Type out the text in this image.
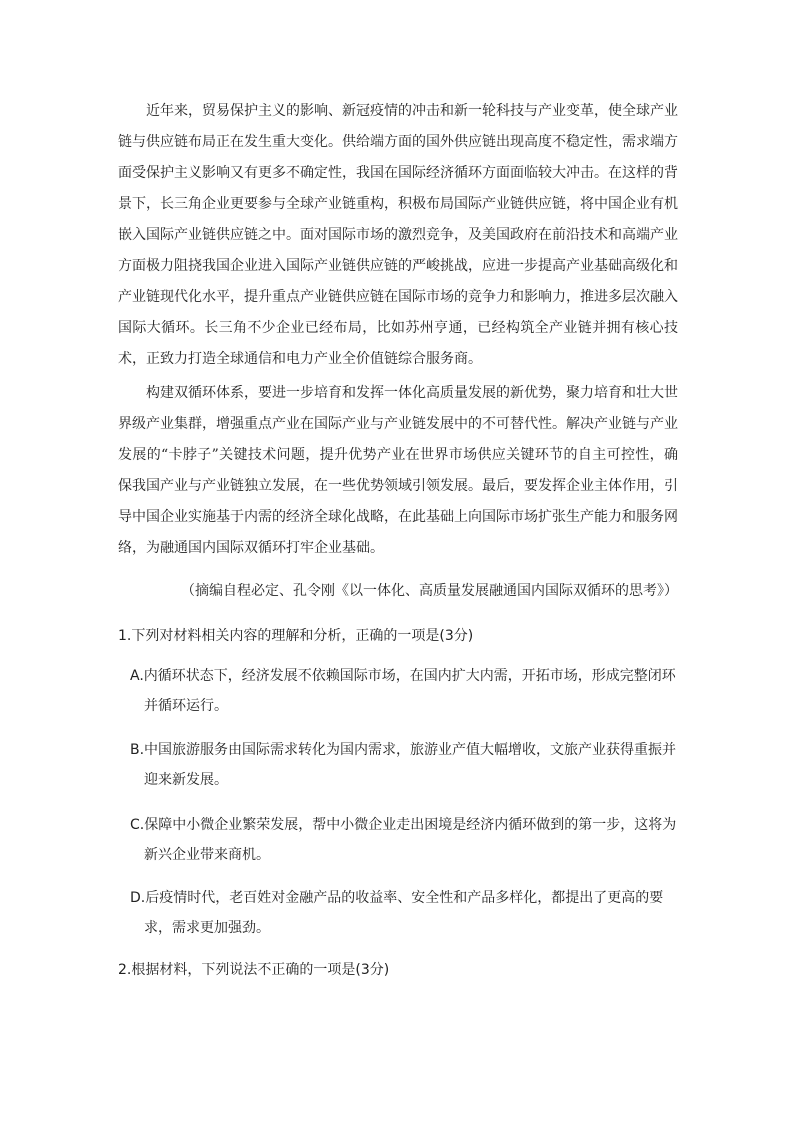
近年来，贸易保护主义的影响、新冠疫情的冲击和新一轮科技与产业变革，使全球产业链与供应链布局正在发生重大变化。供给端方面的国外供应链出现高度不稳定性，需求端方面受保护主义影响又有更多不确定性，我国在国际经济循环方面面临较大冲击。在这样的背景下，长三角企业更要参与全球产业链重构，积极布局国际产业链供应链，将中国企业有机嵌入国际产业链供应链之中。面对国际市场的激烈竞争，及美国政府在前沿技术和高端产业方面极力阻挠我国企业进入国际产业链供应链的严峻挑战，应进一步提高产业基础高级化和产业链现代化水平，提升重点产业链供应链在国际市场的竞争力和影响力，推进多层次融入国际大循环。长三角不少企业已经布局，比如苏州亨通，已经构筑全产业链并拥有核心技术，正致力打造全球通信和电力产业全价值链综合服务商。

构建双循环体系，要进一步培育和发挥一体化高质量发展的新优势，聚力培育和壮大世界级产业集群，增强重点产业在国际产业与产业链发展中的不可替代性。解决产业链与产业发展的“卡脖子”关键技术问题，提升优势产业在世界市场供应关键环节的自主可控性，确保我国产业与产业链独立发展，在一些优势领域引领发展。最后，要发挥企业主体作用，引导中国企业实施基于内需的经济全球化战略，在此基础上向国际市场扩张生产能力和服务网络，为融通国内国际双循环打牢企业基础。

（摘编自程必定、孔令刚《以一体化、高质量发展融通国内国际双循环的思考》）

1.下列对材料相关内容的理解和分析，正确的一项是(3分)

A.内循环状态下，经济发展不依赖国际市场，在国内扩大内需，开拓市场，形成完整闭环并循环运行。

B.中国旅游服务由国际需求转化为国内需求，旅游业产值大幅增收，文旅产业获得重振并迎来新发展。

C.保障中小微企业繁荣发展，帮中小微企业走出困境是经济内循环做到的第一步，这将为新兴企业带来商机。

D.后疫情时代，老百姓对金融产品的收益率、安全性和产品多样化，都提出了更高的要求，需求更加强劲。

2.根据材料，下列说法不正确的一项是(3分)
